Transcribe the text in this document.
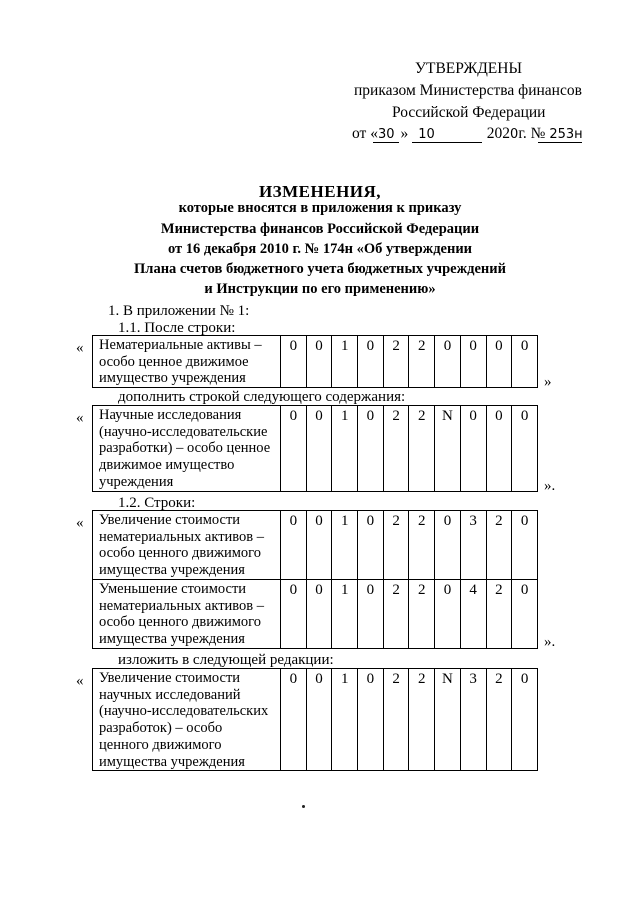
УТВЕРЖДЕНЫ
приказом Министерства финансов
Российской Федерации
от «30 » 10	2020г. № 253н
ИЗМЕНЕНИЯ,
которые вносятся в приложения к приказу
Министерства финансов Российской Федерации
от 16 декабря 2010 г. № 174н «Об утверждении
Плана счетов бюджетного учета бюджетных учреждений
и Инструкции по его применению»
1. В приложении № 1:
1.1. После строки:
дополнить строкой следующего содержания:
1.2. Строки:
изложить в следующей редакции:
« Нематериальные активы –
особо ценное движимое
имущество учреждения
	0	0	1	0	2	2	0	0	0	0
»
« Научные исследования
(научно-исследовательские
разработки) – особо ценное
движимое имущество
учреждения
	0	0	1	0	2	2	N	0	0	0
».
« Увеличение стоимости
нематериальных активов –
особо ценного движимого
имущества учреждения	0	0	1	0	2	2	0	3	2	0

Уменьшение стоимости
нематериальных активов –
особо ценного движимого
имущества учреждения	0	0	1	0	2	2	0	4	2	0
».
« Увеличение стоимости
научных исследований
(научно-исследовательских
разработок) – особо
ценного движимого
имущества учреждения
	0	0	1	0	2	2	N	3	2	0
